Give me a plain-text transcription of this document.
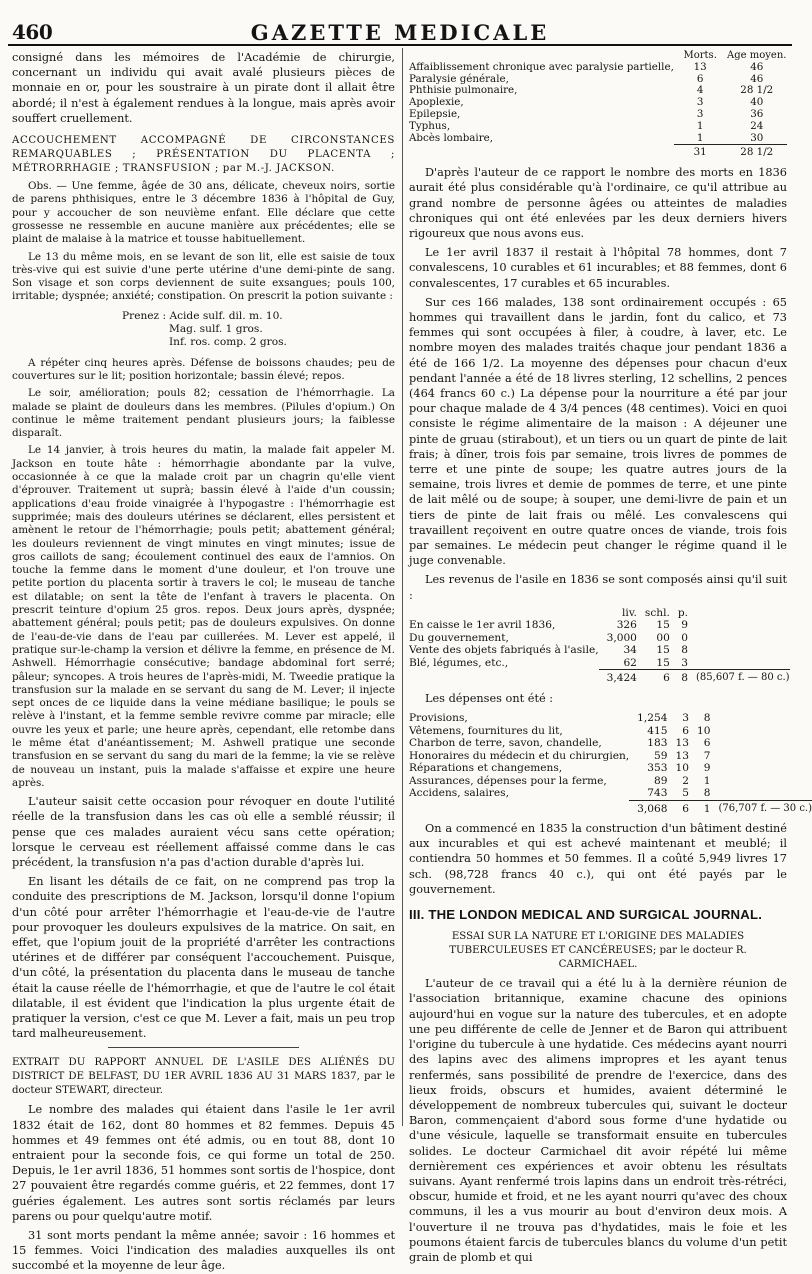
460	GAZETTE MEDICALE

consigné dans les mémoires de l'Académie de chirurgie, concernant un individu qui avait avalé plusieurs pièces de monnaie en or, pour les soustraire à un pirate dont il allait être abordé; il n'est à également rendues à la longue, mais après avoir souffert cruellement.

ACCOUCHEMENT ACCOMPAGNÉ DE CIRCONSTANCES REMARQUABLES ; PRÉSENTATION DU PLACENTA ; MÉTRORRHAGIE ; TRANSFUSION ; par M.-J. JACKSON.

Obs. — Une femme, âgée de 30 ans, délicate, cheveux noirs, sortie de parens phthisiques, entre le 3 décembre 1836 à l'hôpital de Guy, pour y accoucher de son neuvième enfant. Elle déclare que cette grossesse ne ressemble en aucune manière aux précédentes; elle se plaint de malaise à la matrice et tousse habituellement.

Le 13 du même mois, en se levant de son lit, elle est saisie de toux très-vive qui est suivie d'une perte utérine d'une demi-pinte de sang. Son visage et son corps deviennent de suite exsangues; pouls 100, irritable; dyspnée; anxiété; constipation. On prescrit la potion suivante :

Prenez : Acide sulf. dil. m. 10.
Mag. sulf. 1 gros.
Inf. ros. comp. 2 gros.

A répéter cinq heures après. Défense de boissons chaudes; peu de couvertures sur le lit; position horizontale; bassin élevé; repos.

Le soir, amélioration; pouls 82; cessation de l'hémorrhagie. La malade se plaint de douleurs dans les membres. (Pilules d'opium.) On continue le même traitement pendant plusieurs jours; la faiblesse disparaît.

Le 14 janvier, à trois heures du matin, la malade fait appeler M. Jackson en toute hâte : hémorrhagie abondante par la vulve, occasionnée à ce que la malade croit par un chagrin qu'elle vient d'éprouver. Traitement ut suprà; bassin élevé à l'aide d'un coussin; applications d'eau froide vinaigrée à l'hypogastre : l'hémorrhagie est supprimée; mais des douleurs utérines se déclarent, elles persistent et amènent le retour de l'hémorrhagie; pouls petit; abattement général; les douleurs reviennent de vingt minutes en vingt minutes; issue de gros caillots de sang; écoulement continuel des eaux de l'amnios. On touche la femme dans le moment d'une douleur, et l'on trouve une petite portion du placenta sortir à travers le col; le museau de tanche est dilatable; on sent la tête de l'enfant à travers le placenta. On prescrit teinture d'opium 25 gros. repos. Deux jours après, dyspnée; abattement général; pouls petit; pas de douleurs expulsives. On donne de l'eau-de-vie dans de l'eau par cuillerées. M. Lever est appelé, il pratique sur-le-champ la version et délivre la femme, en présence de M. Ashwell. Hémorrhagie consécutive; bandage abdominal fort serré; pâleur; syncopes. A trois heures de l'après-midi, M. Tweedie pratique la transfusion sur la malade en se servant du sang de M. Lever; il injecte sept onces de ce liquide dans la veine médiane basilique; le pouls se relève à l'instant, et la femme semble revivre comme par miracle; elle ouvre les yeux et parle; une heure après, cependant, elle retombe dans le même état d'anéantissement; M. Ashwell pratique une seconde transfusion en se servant du sang du mari de la femme; la vie se relève de nouveau un instant, puis la malade s'affaisse et expire une heure après.

L'auteur saisit cette occasion pour révoquer en doute l'utilité réelle de la transfusion dans les cas où elle a semblé réussir; il pense que ces malades auraient vécu sans cette opération; lorsque le cerveau est réellement affaissé comme dans le cas précédent, la transfusion n'a pas d'action durable d'après lui.

En lisant les détails de ce fait, on ne comprend pas trop la conduite des prescriptions de M. Jackson, lorsqu'il donne l'opium d'un côté pour arrêter l'hémorrhagie et l'eau-de-vie de l'autre pour provoquer les douleurs expulsives de la matrice. On sait, en effet, que l'opium jouit de la propriété d'arrêter les contractions utérines et de différer par conséquent l'accouchement. Puisque, d'un côté, la présentation du placenta dans le museau de tanche était la cause réelle de l'hémorrhagie, et que de l'autre le col était dilatable, il est évident que l'indication la plus urgente était de pratiquer la version, c'est ce que M. Lever a fait, mais un peu trop tard malheureusement.

EXTRAIT DU RAPPORT ANNUEL DE L'ASILE DES ALIÉNÉS DU DISTRICT DE BELFAST, DU 1ER AVRIL 1836 AU 31 MARS 1837, par le docteur STEWART, directeur.

Le nombre des malades qui étaient dans l'asile le 1er avril 1832 était de 162, dont 80 hommes et 82 femmes. Depuis 45 hommes et 49 femmes ont été admis, ou en tout 88, dont 10 entraient pour la seconde fois, ce qui forme un total de 250. Depuis, le 1er avril 1836, 51 hommes sont sortis de l'hospice, dont 27 pouvaient être regardés comme guéris, et 22 femmes, dont 17 guéries également. Les autres sont sortis réclamés par leurs parens ou pour quelqu'autre motif.

31 sont morts pendant la même année; savoir : 16 hommes et 15 femmes. Voici l'indication des maladies auxquelles ils ont succombé et la moyenne de leur âge.

	Morts.	Age moyen.
Affaiblissement chronique avec paralysie partielle,	13	46
Paralysie générale,	6	46
Phthisie pulmonaire,	4	28 1/2
Apoplexie,	3	40
Epilepsie,	3	36
Typhus,	1	24
Abcès lombaire,	1	30
	31	28 1/2

D'après l'auteur de ce rapport le nombre des morts en 1836 aurait été plus considérable qu'à l'ordinaire, ce qu'il attribue au grand nombre de personne âgées ou atteintes de maladies chroniques qui ont été enlevées par les deux derniers hivers rigoureux que nous avons eus.

Le 1er avril 1837 il restait à l'hôpital 78 hommes, dont 7 convalescens, 10 curables et 61 incurables; et 88 femmes, dont 6 convalescentes, 17 curables et 65 incurables.

Sur ces 166 malades, 138 sont ordinairement occupés : 65 hommes qui travaillent dans le jardin, font du calico, et 73 femmes qui sont occupées à filer, à coudre, à laver, etc. Le nombre moyen des malades traités chaque jour pendant 1836 a été de 166 1/2. La moyenne des dépenses pour chacun d'eux pendant l'année a été de 18 livres sterling, 12 schellins, 2 pences (464 francs 60 c.) La dépense pour la nourriture a été par jour pour chaque malade de 4 3/4 pences (48 centimes). Voici en quoi consiste le régime alimentaire de la maison : A déjeuner une pinte de gruau (stirabout), et un tiers ou un quart de pinte de lait frais; à dîner, trois fois par semaine, trois livres de pommes de terre et une pinte de soupe; les quatre autres jours de la semaine, trois livres et demie de pommes de terre, et une pinte de lait mêlé ou de soupe; à souper, une demi-livre de pain et un tiers de pinte de lait frais ou mêlé. Les convalescens qui travaillent reçoivent en outre quatre onces de viande, trois fois par semaines. Le médecin peut changer le régime quand il le juge convenable.

Les revenus de l'asile en 1836 se sont composés ainsi qu'il suit :

	liv.	schl.	p.	
En caisse le 1er avril 1836,	326	15	9	
Du gouvernement,	3,000	00	0	
Vente des objets fabriqués à l'asile,	34	15	8	
Blé, légumes, etc.,	62	15	3	
	3,424	6	8	(85,607 f. — 80 c.)

Les dépenses ont été :

Provisions,	1,254	3	8	
Vêtemens, fournitures du lit,	415	6	10	
Charbon de terre, savon, chandelle,	183	13	6	
Honoraires du médecin et du chirurgien,	59	13	7	
Réparations et changemens,	353	10	9	
Assurances, dépenses pour la ferme,	89	2	1	
Accidens, salaires,	743	5	8	
	3,068	6	1	(76,707 f. — 30 c.)

On a commencé en 1835 la construction d'un bâtiment destiné aux incurables et qui est achevé maintenant et meublé; il contiendra 50 hommes et 50 femmes. Il a coûté 5,949 livres 17 sch. (98,728 francs 40 c.), qui ont été payés par le gouvernement.

III. THE LONDON MEDICAL AND SURGICAL JOURNAL.

ESSAI SUR LA NATURE ET L'ORIGINE DES MALADIES TUBERCULEUSES ET CANCÉREUSES; par le docteur R. CARMICHAEL.

L'auteur de ce travail qui a été lu à la dernière réunion de l'association britannique, examine chacune des opinions aujourd'hui en vogue sur la nature des tubercules, et en adopte une peu différente de celle de Jenner et de Baron qui attribuent l'origine du tubercule à une hydatide. Ces médecins ayant nourri des lapins avec des alimens impropres et les ayant tenus renfermés, sans possibilité de prendre de l'exercice, dans des lieux froids, obscurs et humides, avaient déterminé le développement de nombreux tubercules qui, suivant le docteur Baron, commençaient d'abord sous forme d'une hydatide ou d'une vésicule, laquelle se transformait ensuite en tubercules solides. Le docteur Carmichael dit avoir répété lui même dernièrement ces expériences et avoir obtenu les résultats suivans. Ayant renfermé trois lapins dans un endroit très-rétréci, obscur, humide et froid, et ne les ayant nourri qu'avec des choux communs, il les a vus mourir au bout d'environ deux mois. A l'ouverture il ne trouva pas d'hydatides, mais le foie et les poumons étaient farcis de tubercules blancs du volume d'un petit grain de plomb et qui
